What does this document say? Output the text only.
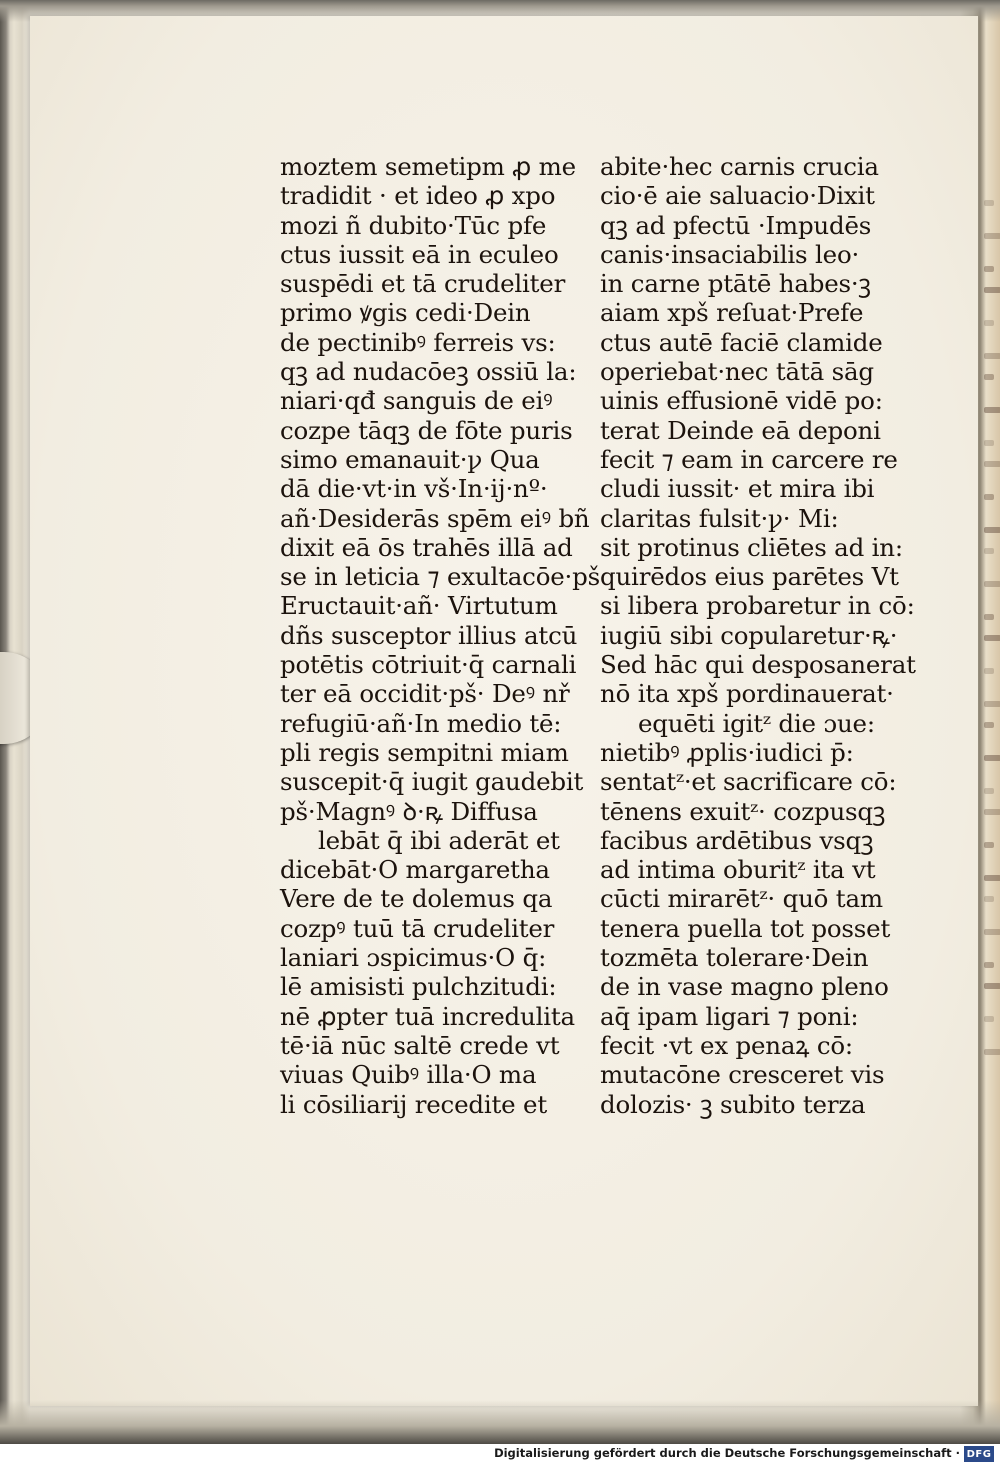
moztem semetipm ꝓ me
tradidit · et ideo ꝓ xpo
mozi ñ dubito·Tūc pfe
ctus iussit eā in eculeo
suspēdi et tā crudeliter
primo ꝟgis cedi·Dein
de pectinibꝰ ferreis vs:
qꝫ ad nudacōeꝫ ossiū la:
niari·qđ sanguis de eiꝰ
cozpe tāqꝫ de fōte puris
simo emanauit·ꝩ Qua
dā die·vt·in vš·In·ij·nº·
añ·Desiderās spēm eiꝰ bñ
dixit eā ōs trahēs illā ad
se in leticia ⁊ exultacōe·pš
Eructauit·añ· Virtutum
dñs susceptor illius atcū
potētis cōtriuit·q̄ carnali
ter eā occidit·pš· Deꝰ nř
refugiū·añ·In medio tē:
pli regis sempitni miam
suscepit·q̄ iugit gaudebit
pš·Magnꝰ ꝺ·ꝶ Diffusa
lebāt q̄ ibi aderāt et
dicebāt·O margaretha
Vere de te dolemus qa
cozpꝰ tuū tā crudeliter
laniari ɔspicimus·O q̄:
lē amisisti pulchzitudi:
nē ꝓpter tuā incredulita
tē·iā nūc saltē crede vt
viuas Quibꝰ illa·O ma
li cōsiliarij recedite et
abite·hec carnis crucia
cio·ē aie saluacio·Dixit
qꝫ ad pfectū ·Impudēs
canis·insaciabilis leo·
in carne ptātē habes·ꝫ
aiam xpš reſuat·Prefe
ctus autē faciē clamide
operiebat·nec tātā sāg
uinis effusionē vidē po:
terat Deinde eā deponi
fecit ⁊ eam in carcere re
cludi iussit· et mira ibi
claritas fulsit·ꝩ· Mi:
sit protinus cliētes ad in:
quirēdos eius parētes Vt
si libera probaretur in cō:
iugiū sibi copularetur·ꝶ·
Sed hāc qui desposanerat
nō ita xpš pordinauerat·
equēti igitᶻ die ɔue:
nietibꝰ ꝓplis·iudici p̄:
sentatᶻ·et sacrificare cō:
tēnens exuitᶻ· cozpusqꝫ
facibus ardētibus vsqꝫ
ad intima oburitᶻ ita vt
cūcti mirarētᶻ· quō tam
tenera puella tot posset
tozmēta tolerare·Dein
de in vase magno pleno
aq̄ ipam ligari ⁊ poni:
fecit ·vt ex penaꝝ cō:
mutacōne cresceret vis
dolozis· ꝫ subito terza
Digitalisierung gefördert durch die Deutsche Forschungsgemeinschaft · DFG
